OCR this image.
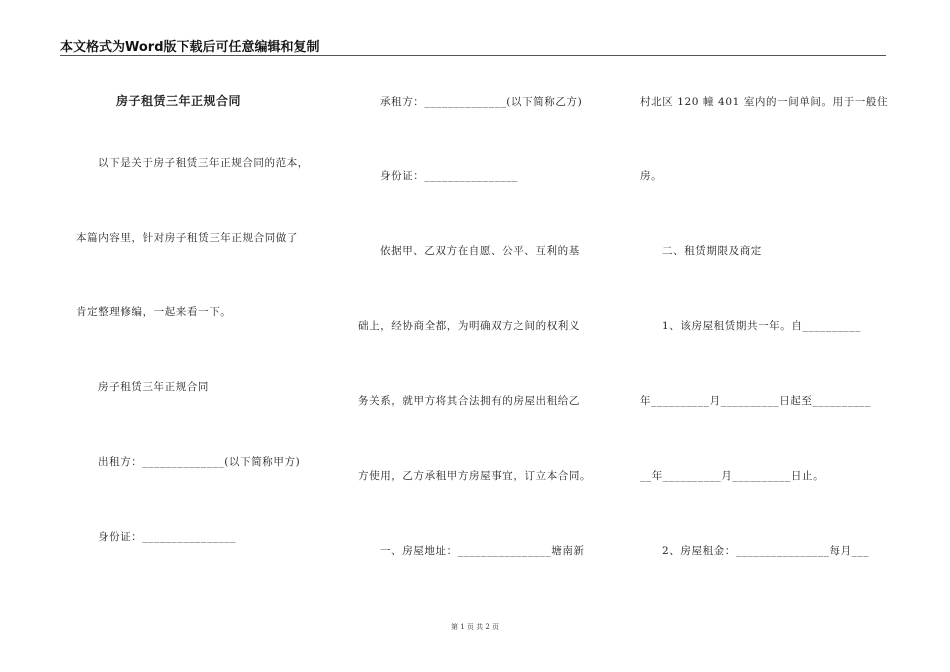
本文格式为Word版下载后可任意编辑和复制
房子租赁三年正规合同
以下是关于房子租赁三年正规合同的范本，
本篇内容里，针对房子租赁三年正规合同做了
肯定整理修编，一起来看一下。
房子租赁三年正规合同
出租方：______________(以下简称甲方)
身份证：________________
承租方：______________(以下简称乙方)
身份证：________________
依据甲、乙双方在自愿、公平、互利的基
础上，经协商全都，为明确双方之间的权利义
务关系，就甲方将其合法拥有的房屋出租给乙
方使用，乙方承租甲方房屋事宜，订立本合同。
一、房屋地址：________________塘南新
村北区 120 幢 401 室内的一间单间。用于一般住
房。
二、租赁期限及商定
1、该房屋租赁期共一年。自__________
年__________月__________日起至__________
__年__________月__________日止。
2、房屋租金：________________每月___
第 1 页 共 2 页
